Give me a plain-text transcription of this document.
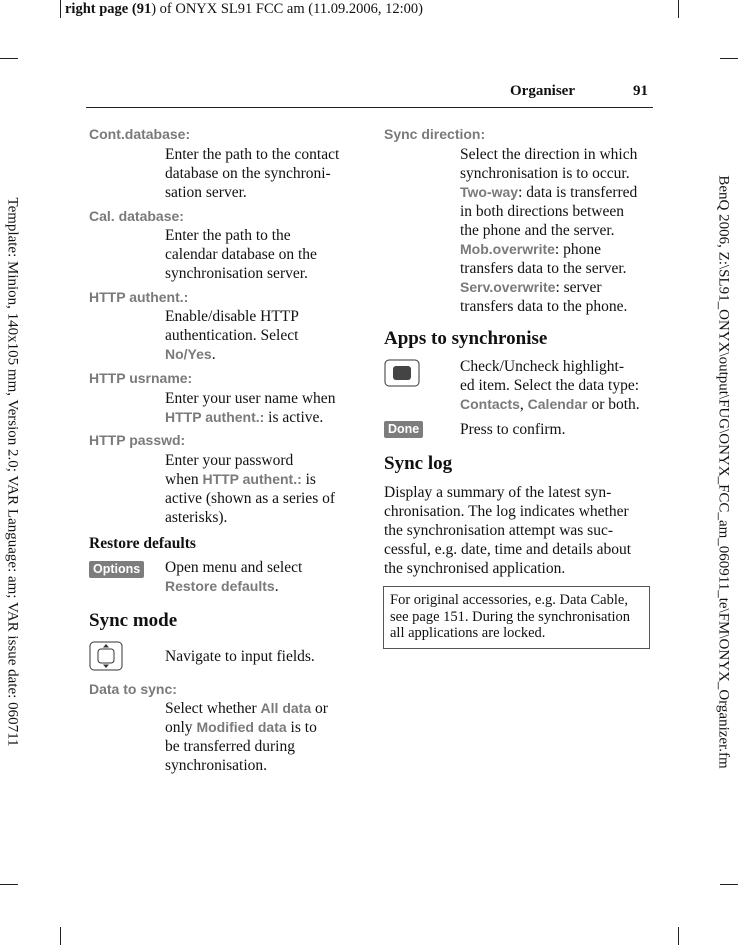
right page (91) of ONYX SL91 FCC am (11.09.2006, 12:00)
Template: Minion, 140x105 mm, Version 2.0; VAR Language: am; VAR issue date: 060711	BenQ 2006, Z:\SL91_ONYX\output\FUG\ONYX_FCC_am_060911_te\FM\ONYX_Organizer.fm
Organiser	91
Cont.database:
Enter the path to the contact
database on the synchroni-
sation server.
Cal. database:
Enter the path to the
calendar database on the
synchronisation server.
HTTP authent.:
Enable/disable HTTP
authentication. Select
No/Yes.
HTTP usrname:
Enter your user name when
HTTP authent.: is active.
HTTP passwd:
Enter your password
when HTTP authent.: is
active (shown as a series of
asterisks).
Restore defaults
Options Open menu and select
Restore defaults.
Sync mode
Navigate to input fields.
Data to sync:
Select whether All data or
only Modified data is to
be transferred during
synchronisation.
Sync direction:
Select the direction in which
synchronisation is to occur.
Two-way: data is transferred
in both directions between
the phone and the server.
Mob.overwrite: phone
transfers data to the server.
Serv.overwrite: server
transfers data to the phone.
Apps to synchronise
Check/Uncheck highlight-
ed item. Select the data type:
Contacts, Calendar or both.
Done	Press to confirm.
Sync log
Display a summary of the latest syn-
chronisation. The log indicates whether
the synchronisation attempt was suc-
cessful, e.g. date, time and details about
the synchronised application.
For original accessories, e.g. Data Cable,
see page 151. During the synchronisation
all applications are locked.
